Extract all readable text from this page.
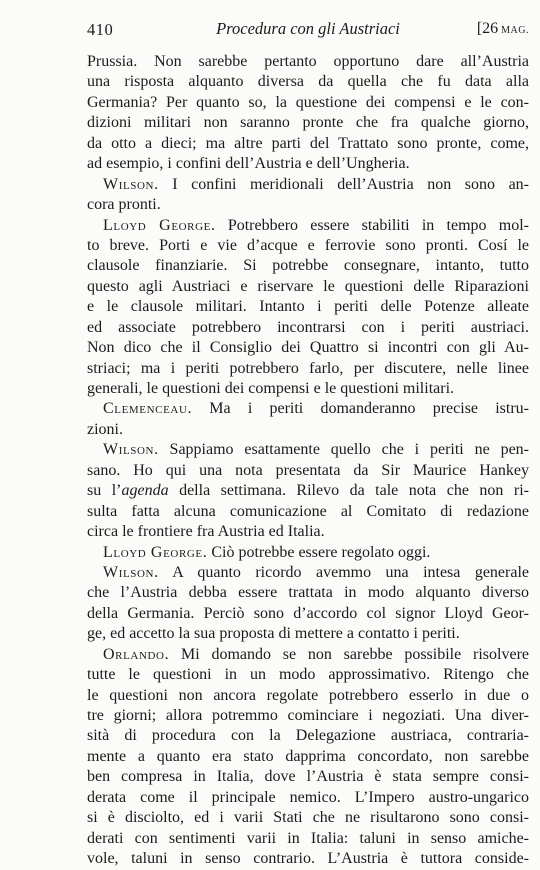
410	Procedura con gli Austriaci	[26 MAG.
Prussia. Non sarebbe pertanto opportuno dare all’Austria
una risposta alquanto diversa da quella che fu data alla
Germania? Per quanto so, la questione dei compensi e le con-
dizioni militari non saranno pronte che fra qualche giorno,
da otto a dieci; ma altre parti del Trattato sono pronte, come,
ad esempio, i confini dell’Austria e dell’Ungheria.
Wilson. I confini meridionali dell’Austria non sono an-
cora pronti.
Lloyd George. Potrebbero essere stabiliti in tempo mol-
to breve. Porti e vie d’acque e ferrovie sono pronti. Cosí le
clausole finanziarie. Si potrebbe consegnare, intanto, tutto
questo agli Austriaci e riservare le questioni delle Riparazioni
e le clausole militari. Intanto i periti delle Potenze alleate
ed associate potrebbero incontrarsi con i periti austriaci.
Non dico che il Consiglio dei Quattro si incontri con gli Au-
striaci; ma i periti potrebbero farlo, per discutere, nelle linee
generali, le questioni dei compensi e le questioni militari.
Clemenceau. Ma i periti domanderanno precise istru-
zioni.
Wilson. Sappiamo esattamente quello che i periti ne pen-
sano. Ho qui una nota presentata da Sir Maurice Hankey
su l’agenda della settimana. Rilevo da tale nota che non ri-
sulta fatta alcuna comunicazione al Comitato di redazione
circa le frontiere fra Austria ed Italia.
Lloyd George. Ciò potrebbe essere regolato oggi.
Wilson. A quanto ricordo avemmo una intesa generale
che l’Austria debba essere trattata in modo alquanto diverso
della Germania. Perciò sono d’accordo col signor Lloyd Geor-
ge, ed accetto la sua proposta di mettere a contatto i periti.
Orlando. Mi domando se non sarebbe possibile risolvere
tutte le questioni in un modo approssimativo. Ritengo che
le questioni non ancora regolate potrebbero esserlo in due o
tre giorni; allora potremmo cominciare i negoziati. Una diver-
sità di procedura con la Delegazione austriaca, contraria-
mente a quanto era stato dapprima concordato, non sarebbe
ben compresa in Italia, dove l’Austria è stata sempre consi-
derata come il principale nemico. L’Impero austro-ungarico
si è disciolto, ed i varii Stati che ne risultarono sono consi-
derati con sentimenti varii in Italia: taluni in senso amiche-
vole, taluni in senso contrario. L’Austria è tuttora conside-
